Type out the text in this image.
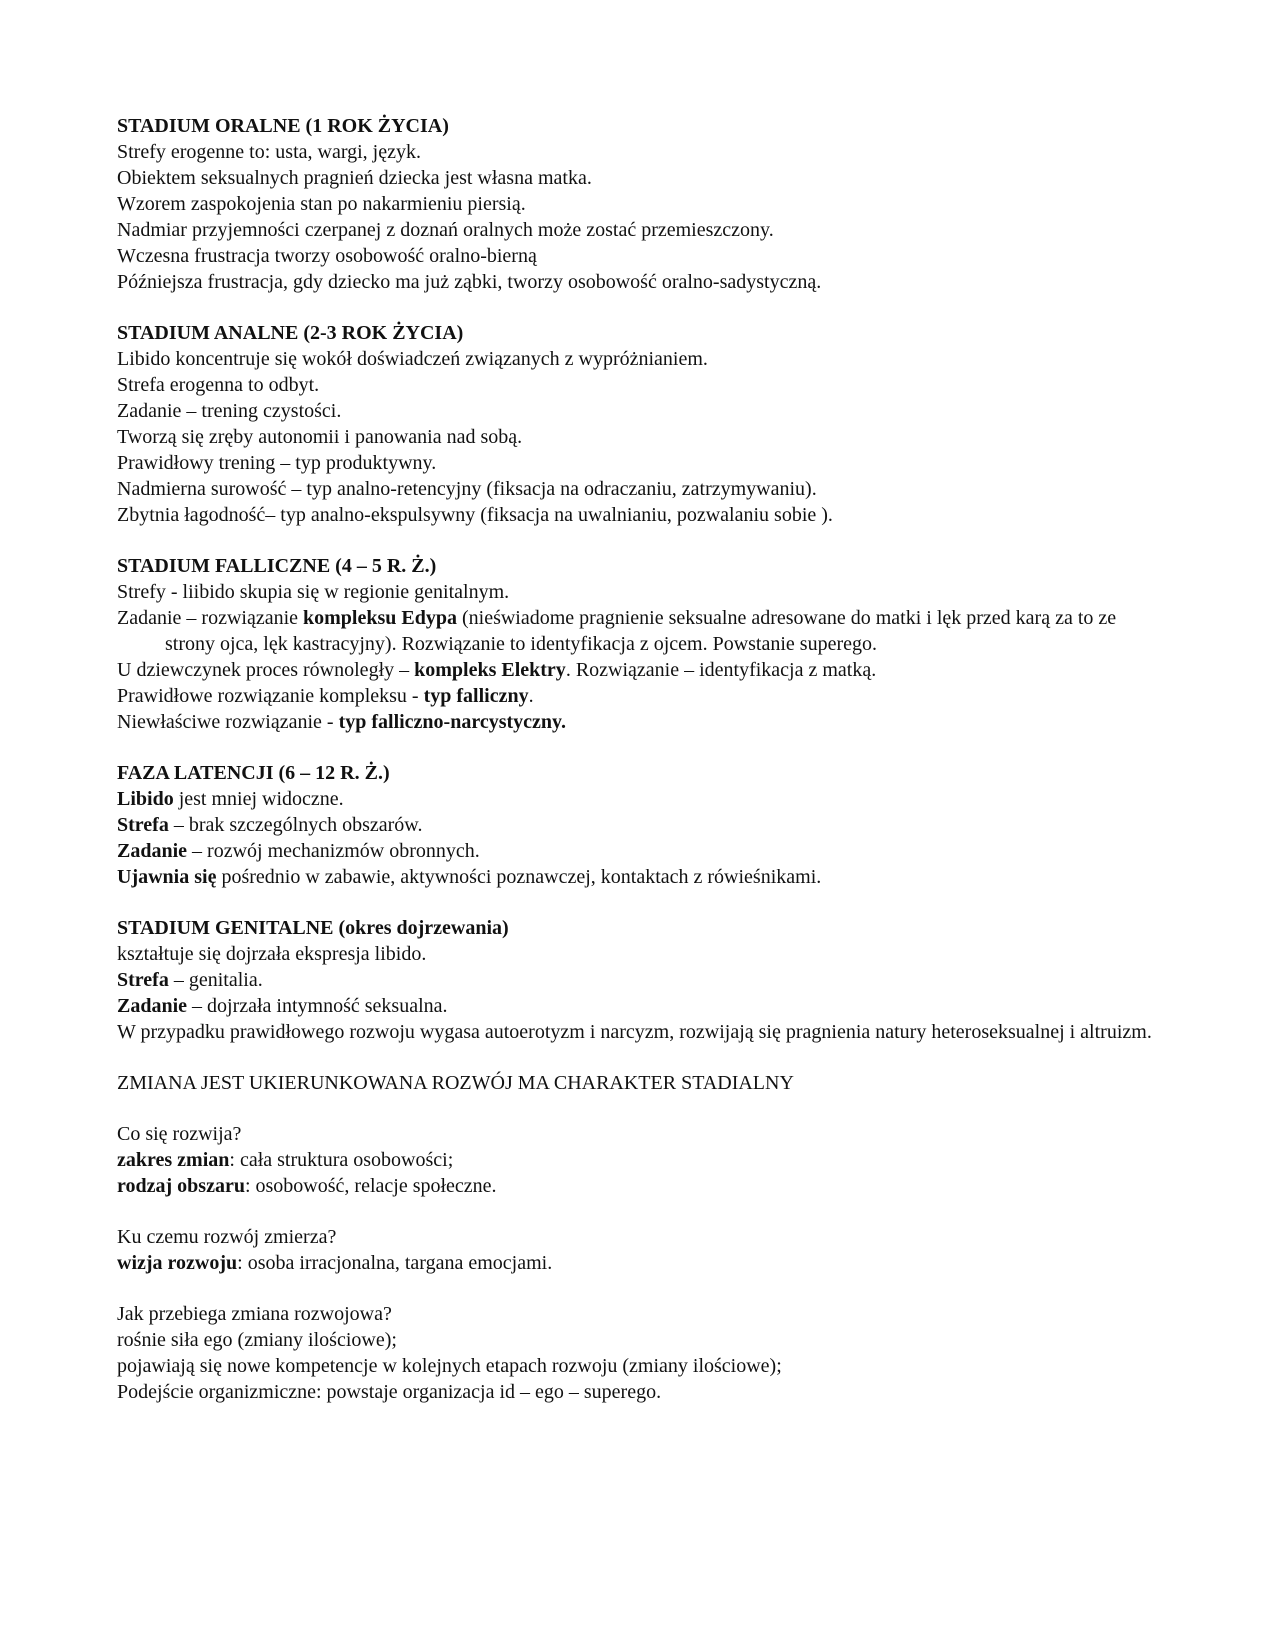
STADIUM ORALNE (1 ROK ŻYCIA)
Strefy erogenne to: usta, wargi, język.
Obiektem seksualnych pragnień dziecka jest własna matka.
Wzorem zaspokojenia stan po nakarmieniu piersią.
Nadmiar przyjemności czerpanej z doznań oralnych może zostać przemieszczony.
Wczesna frustracja tworzy osobowość oralno-bierną
Późniejsza frustracja, gdy dziecko ma już ząbki, tworzy osobowość oralno-sadystyczną.
STADIUM ANALNE (2-3 ROK ŻYCIA)
Libido koncentruje się wokół doświadczeń związanych z wypróżnianiem.
Strefa erogenna to odbyt.
Zadanie – trening czystości.
Tworzą się zręby autonomii i panowania nad sobą.
Prawidłowy trening – typ produktywny.
Nadmierna surowość – typ analno-retencyjny (fiksacja na odraczaniu, zatrzymywaniu).
Zbytnia łagodność– typ analno-ekspulsywny (fiksacja na uwalnianiu, pozwalaniu sobie ).
STADIUM FALLICZNE (4 – 5 R. Ż.)
Strefy - liibido skupia się w regionie genitalnym.
Zadanie – rozwiązanie kompleksu Edypa (nieświadome pragnienie seksualne adresowane do matki i lęk przed karą za to ze strony ojca, lęk kastracyjny). Rozwiązanie to identyfikacja z ojcem. Powstanie superego.
U dziewczynek proces równoległy – kompleks Elektry. Rozwiązanie – identyfikacja z matką.
Prawidłowe rozwiązanie kompleksu - typ falliczny.
Niewłaściwe rozwiązanie - typ falliczno-narcystyczny.
FAZA LATENCJI (6 – 12 R. Ż.)
Libido jest mniej widoczne.
Strefa – brak szczególnych obszarów.
Zadanie – rozwój mechanizmów obronnych.
Ujawnia się pośrednio w zabawie, aktywności poznawczej, kontaktach z rówieśnikami.
STADIUM GENITALNE (okres dojrzewania)
kształtuje się dojrzała ekspresja libido.
Strefa – genitalia.
Zadanie – dojrzała intymność seksualna.
W przypadku prawidłowego rozwoju wygasa autoerotyzm i narcyzm, rozwijają się pragnienia natury heteroseksualnej i altruizm.
ZMIANA JEST UKIERUNKOWANA ROZWÓJ MA CHARAKTER STADIALNY
Co się rozwija?
zakres zmian: cała struktura osobowości;
rodzaj obszaru: osobowość, relacje społeczne.
Ku czemu rozwój zmierza?
wizja rozwoju: osoba irracjonalna, targana emocjami.
Jak przebiega zmiana rozwojowa?
rośnie siła ego (zmiany ilościowe);
pojawiają się nowe kompetencje w kolejnych etapach rozwoju (zmiany ilościowe);
Podejście organizmiczne: powstaje organizacja id – ego – superego.
